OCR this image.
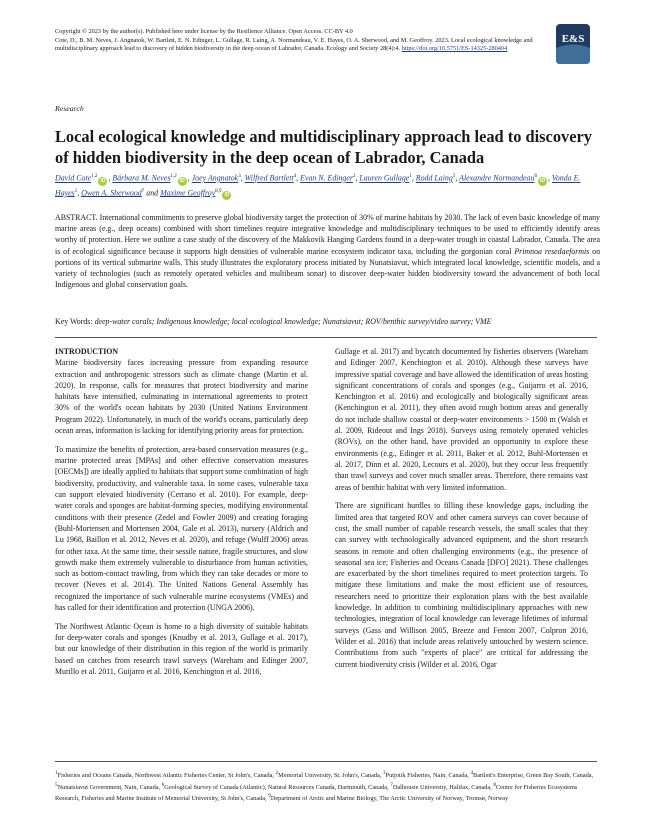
Copyright © 2023 by the author(s). Published here under license by the Resilience Alliance. Open Access. CC-BY 4.0
Cote, D., B. M. Neves, J. Angnatok, W. Bartlett, E. N. Edinger, L. Gullage, R. Laing, A. Normandeau, V. E. Hayes, O. A. Sherwood, and M. Geoffroy. 2023. Local ecological knowledge and multidisciplinary approach lead to discovery of hidden biodiversity in the deep ocean of Labrador, Canada. Ecology and Society 28(4):4. https://doi.org/10.5751/ES-14325-280404
E&S
Research
Local ecological knowledge and multidisciplinary approach lead to discovery of hidden biodiversity in the deep ocean of Labrador, Canada
David Cote$^{1,2}$iD , Bárbara M. Neves$^{1,2}$iD , Joey Angnatok$^3$, Wilfred Bartlett$^4$, Evan N. Edinger$^2$, Lauren Gullage$^1$, Rodd Laing$^5$, Alexandre Normandeau$^6$iD , Vonda E. Hayes$^1$, Owen A. Sherwood$^7$ and Maxime Geoffroy$^{8,9}$iD

ABSTRACT. International commitments to preserve global biodiversity target the protection of 30% of marine habitats by 2030. The lack of even basic knowledge of many marine areas (e.g., deep oceans) combined with short timelines require integrative knowledge and multidisciplinary techniques to be used to efficiently identify areas worthy of protection. Here we outline a case study of the discovery of the Makkovik Hanging Gardens found in a deep-water trough in coastal Labrador, Canada. The area is of ecological significance because it supports high densities of vulnerable marine ecosystem indicator taxa, including the gorgonian coral Primnoa resedaeformis on portions of its vertical submarine walls. This study illustrates the exploratory process initiated by Nunatsiavut, which integrated local knowledge, scientific models, and a variety of technologies (such as remotely operated vehicles and multibeam sonar) to discover deep-water hidden biodiversity toward the advancement of both local Indigenous and global conservation goals.

Key Words: deep-water corals; Indigenous knowledge; local ecological knowledge; Nunatsiavut; ROV/benthic survey/video survey; VME

INTRODUCTION

Marine biodiversity faces increasing pressure from expanding resource extraction and anthropogenic stressors such as climate change (Martin et al. 2020). In response, calls for measures that protect biodiversity and marine habitats have intensified, culminating in international agreements to protect 30% of the world's ocean habitats by 2030 (United Nations Environment Program 2022). Unfortunately, in much of the world's oceans, particularly deep ocean areas, information is lacking for identifying priority areas for protection.

To maximize the benefits of protection, area-based conservation measures (e.g., marine protected areas [MPAs] and other effective conservation measures [OECMs]) are ideally applied to habitats that support some combination of high biodiversity, productivity, and vulnerable taxa. In some cases, vulnerable taxa can support elevated biodiversity (Cerrano et al. 2010). For example, deep-water corals and sponges are habitat-forming species, modifying environmental conditions with their presence (Zedel and Fowler 2009) and creating foraging (Buhl-Mortensen and Mortensen 2004, Gale et al. 2013), nursery (Aldrich and Lu 1968, Baillon et al. 2012, Neves et al. 2020), and refuge (Wulff 2006) areas for other taxa. At the same time, their sessile nature, fragile structures, and slow growth make them extremely vulnerable to disturbance from human activities, such as bottom-contact trawling, from which they can take decades or more to recover (Neves et al. 2014). The United Nations General Assembly has recognized the importance of such vulnerable marine ecosystems (VMEs) and has called for their identification and protection (UNGA 2006).

The Northwest Atlantic Ocean is home to a high diversity of suitable habitats for deep-water corals and sponges (Knudby et al. 2013, Gullage et al. 2017), but our knowledge of their distribution in this region of the world is primarily based on catches from research trawl surveys (Wareham and Edinger 2007, Murillo et al. 2011, Guijarro et al. 2016, Kenchington et al. 2016,

Gullage et al. 2017) and bycatch documented by fisheries observers (Wareham and Edinger 2007, Kenchington et al. 2010). Although these surveys have impressive spatial coverage and have allowed the identification of areas hosting significant concentrations of corals and sponges (e.g., Guijarro et al. 2016, Kenchington et al. 2016) and ecologically and biologically significant areas (Kenchington et al. 2011), they often avoid rough bottom areas and generally do not include shallow coastal or deep-water environments > 1500 m (Walsh et al. 2009, Rideout and Ings 2018). Surveys using remotely operated vehicles (ROVs), on the other hand, have provided an opportunity to explore these environments (e.g., Edinger et al. 2011, Baker et al. 2012, Buhl-Mortensen et al. 2017, Dinn et al. 2020, Lecours et al. 2020), but they occur less frequently than trawl surveys and cover much smaller areas. Therefore, there remains vast areas of benthic habitat with very limited information.

There are significant hurdles to filling these knowledge gaps, including the limited area that targeted ROV and other camera surveys can cover because of cost, the small number of capable research vessels, the small scales that they can survey with technologically advanced equipment, and the short research seasons in remote and often challenging environments (e.g., the presence of seasonal sea ice; Fisheries and Oceans Canada [DFO] 2021). These challenges are exacerbated by the short timelines required to meet protection targets. To mitigate these limitations and make the most efficient use of resources, researchers need to prioritize their exploration plans with the best available knowledge. In addition to combining multidisciplinary approaches with new technologies, integration of local knowledge can leverage lifetimes of informal surveys (Gass and Willison 2005, Breeze and Fenton 2007, Colpron 2016, Wilder et al. 2016) that include areas relatively untouched by western science. Contributions from such "experts of place" are critical for addressing the current biodiversity crisis (Wilder et al. 2016, Ogar

$^1$Fisheries and Oceans Canada, Northwest Atlantic Fisheries Center, St John's, Canada, $^2$Memorial University, St. John's, Canada, $^3$Putjotik Fisheries, Nain, Canada, $^4$Bartlett's Enterprise, Green Bay South, Canada, $^5$Nunatsiavut Government, Nain, Canada, $^6$Geological Survey of Canada (Atlantic), Natural Resources Canada, Dartmouth, Canada, $^7$Dalhousie University, Halifax, Canada, $^8$Centre for Fisheries Ecosystems Research, Fisheries and Marine Institute of Memorial University, St John's, Canada, $^9$Department of Arctic and Marine Biology, The Arctic University of Norway, Tromsø, Norway
